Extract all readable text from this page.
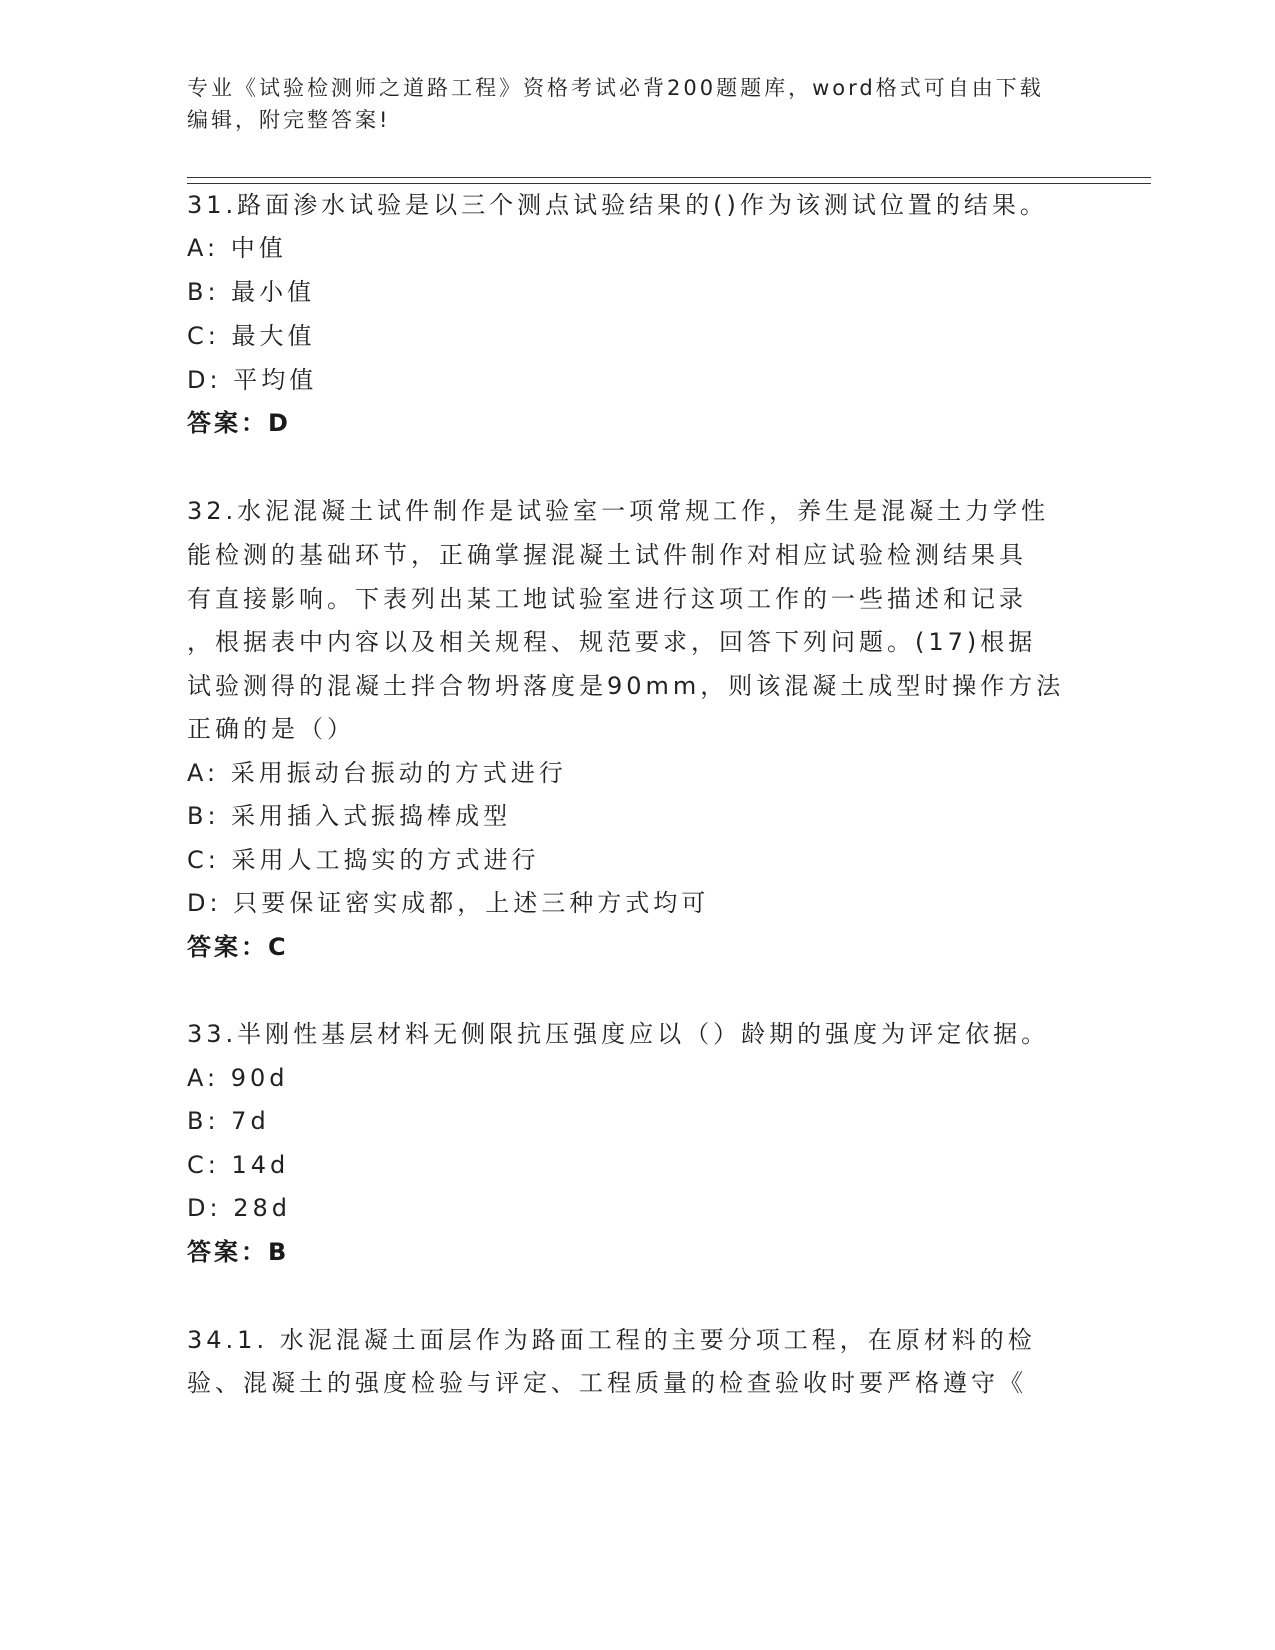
专业《试验检测师之道路工程》资格考试必背200题题库，word格式可自由下载
编辑，附完整答案!
31.路面渗水试验是以三个测点试验结果的()作为该测试位置的结果。
A: 中值
B: 最小值
C: 最大值
D: 平均值
答案：D
32.水泥混凝土试件制作是试验室一项常规工作，养生是混凝土力学性
能检测的基础环节，正确掌握混凝土试件制作对相应试验检测结果具
有直接影响。下表列出某工地试验室进行这项工作的一些描述和记录
，根据表中内容以及相关规程、规范要求，回答下列问题。(17)根据
试验测得的混凝土拌合物坍落度是90mm，则该混凝土成型时操作方法
正确的是（）
A: 采用振动台振动的方式进行
B: 采用插入式振捣棒成型
C: 采用人工捣实的方式进行
D: 只要保证密实成都，上述三种方式均可
答案：C
33.半刚性基层材料无侧限抗压强度应以（）龄期的强度为评定依据。
A: 90d
B: 7d
C: 14d
D: 28d
答案：B
34.1. 水泥混凝土面层作为路面工程的主要分项工程，在原材料的检
验、混凝土的强度检验与评定、工程质量的检查验收时要严格遵守《
